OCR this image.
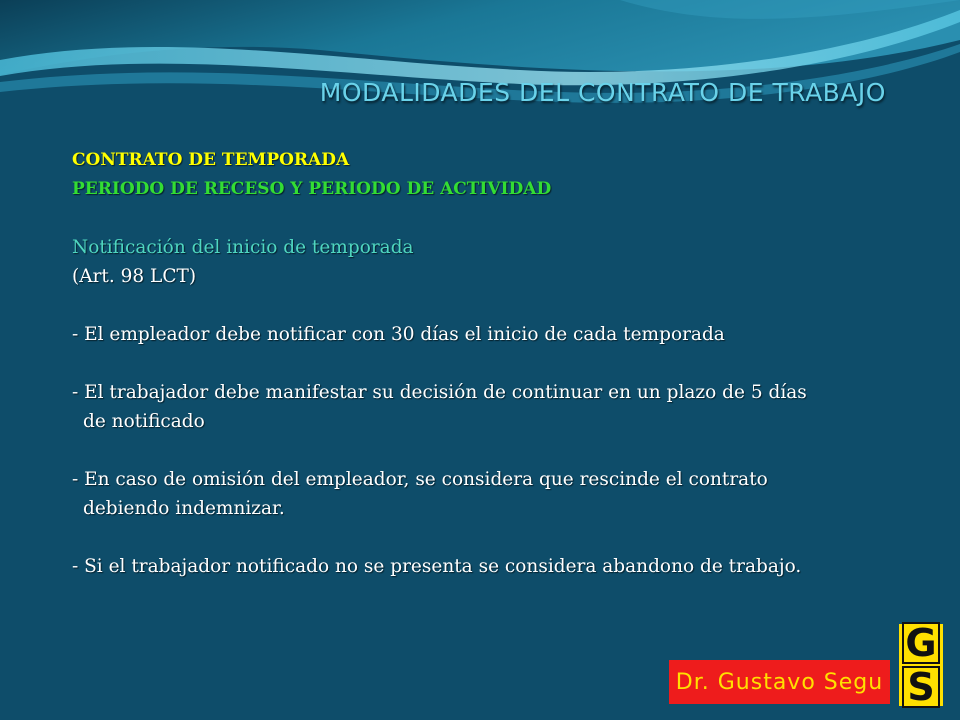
MODALIDADES DEL CONTRATO DE TRABAJO
CONTRATO DE TEMPORADA
PERIODO DE RECESO Y PERIODO DE ACTIVIDAD
Notificación del inicio de temporada
(Art. 98 LCT)
- El empleador debe notificar con 30 días el inicio de cada temporada
- El trabajador debe manifestar su decisión de continuar en un plazo de 5 días
de notificado
- En caso de omisión del empleador, se considera que rescinde el contrato
debiendo indemnizar.
- Si el trabajador notificado no se presenta se considera abandono de trabajo.
Dr. Gustavo Segu
G
S
